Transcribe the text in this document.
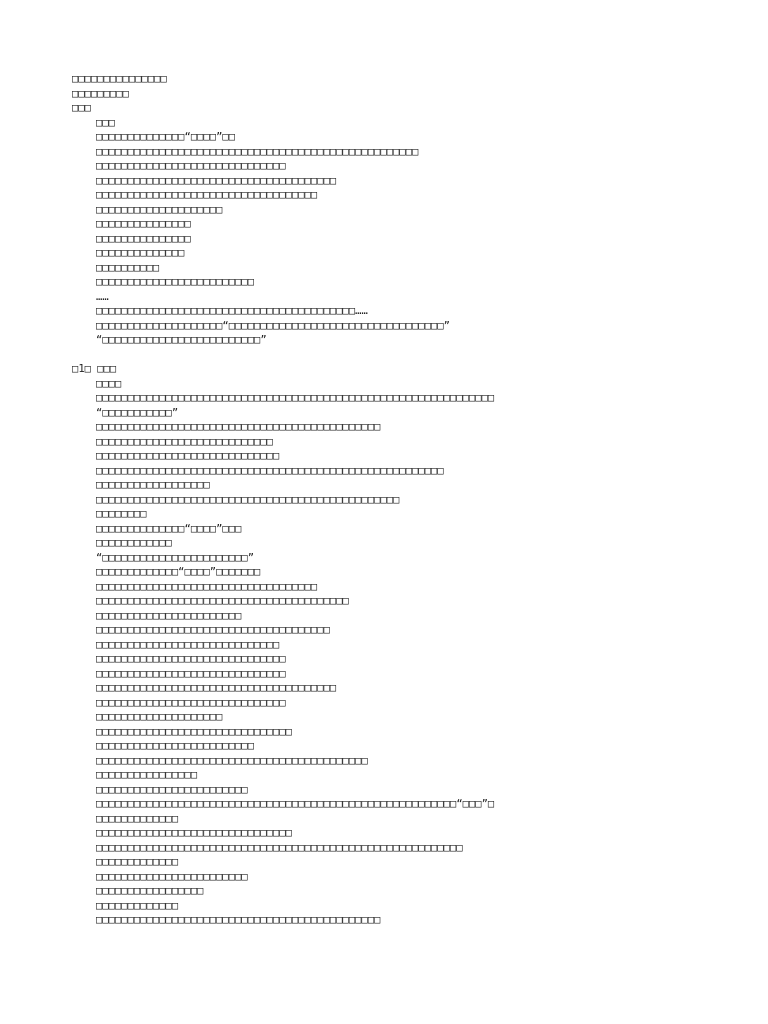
□□□□□□□□□□□□□□□
□□□□□□□□□
□□□
□□□
□□□□□□□□□□□□□□“□□□□”□□
□□□□□□□□□□□□□□□□□□□□□□□□□□□□□□□□□□□□□□□□□□□□□□□□□□□
□□□□□□□□□□□□□□□□□□□□□□□□□□□□□□
□□□□□□□□□□□□□□□□□□□□□□□□□□□□□□□□□□□□□□
□□□□□□□□□□□□□□□□□□□□□□□□□□□□□□□□□□□
□□□□□□□□□□□□□□□□□□□□
□□□□□□□□□□□□□□□
□□□□□□□□□□□□□□□
□□□□□□□□□□□□□□
□□□□□□□□□□
□□□□□□□□□□□□□□□□□□□□□□□□□
……
□□□□□□□□□□□□□□□□□□□□□□□□□□□□□□□□□□□□□□□□□……
□□□□□□□□□□□□□□□□□□□□“□□□□□□□□□□□□□□□□□□□□□□□□□□□□□□□□□□”
“□□□□□□□□□□□□□□□□□□□□□□□□□”
□1□ □□□
□□□□
□□□□□□□□□□□□□□□□□□□□□□□□□□□□□□□□□□□□□□□□□□□□□□□□□□□□□□□□□□□□□□□
“□□□□□□□□□□□”
□□□□□□□□□□□□□□□□□□□□□□□□□□□□□□□□□□□□□□□□□□□□□
□□□□□□□□□□□□□□□□□□□□□□□□□□□□
□□□□□□□□□□□□□□□□□□□□□□□□□□□□□
□□□□□□□□□□□□□□□□□□□□□□□□□□□□□□□□□□□□□□□□□□□□□□□□□□□□□□□
□□□□□□□□□□□□□□□□□□
□□□□□□□□□□□□□□□□□□□□□□□□□□□□□□□□□□□□□□□□□□□□□□□□
□□□□□□□□
□□□□□□□□□□□□□□“□□□□”□□□
□□□□□□□□□□□□
“□□□□□□□□□□□□□□□□□□□□□□□”
□□□□□□□□□□□□□“□□□□”□□□□□□□
□□□□□□□□□□□□□□□□□□□□□□□□□□□□□□□□□□□
□□□□□□□□□□□□□□□□□□□□□□□□□□□□□□□□□□□□□□□□
□□□□□□□□□□□□□□□□□□□□□□□
□□□□□□□□□□□□□□□□□□□□□□□□□□□□□□□□□□□□□
□□□□□□□□□□□□□□□□□□□□□□□□□□□□□
□□□□□□□□□□□□□□□□□□□□□□□□□□□□□□
□□□□□□□□□□□□□□□□□□□□□□□□□□□□□□
□□□□□□□□□□□□□□□□□□□□□□□□□□□□□□□□□□□□□□
□□□□□□□□□□□□□□□□□□□□□□□□□□□□□□
□□□□□□□□□□□□□□□□□□□□
□□□□□□□□□□□□□□□□□□□□□□□□□□□□□□□
□□□□□□□□□□□□□□□□□□□□□□□□□
□□□□□□□□□□□□□□□□□□□□□□□□□□□□□□□□□□□□□□□□□□□
□□□□□□□□□□□□□□□□
□□□□□□□□□□□□□□□□□□□□□□□□
□□□□□□□□□□□□□□□□□□□□□□□□□□□□□□□□□□□□□□□□□□□□□□□□□□□□□□□□□“□□□”□
□□□□□□□□□□□□□
□□□□□□□□□□□□□□□□□□□□□□□□□□□□□□□
□□□□□□□□□□□□□□□□□□□□□□□□□□□□□□□□□□□□□□□□□□□□□□□□□□□□□□□□□□
□□□□□□□□□□□□□
□□□□□□□□□□□□□□□□□□□□□□□□
□□□□□□□□□□□□□□□□□
□□□□□□□□□□□□□
□□□□□□□□□□□□□□□□□□□□□□□□□□□□□□□□□□□□□□□□□□□□□
